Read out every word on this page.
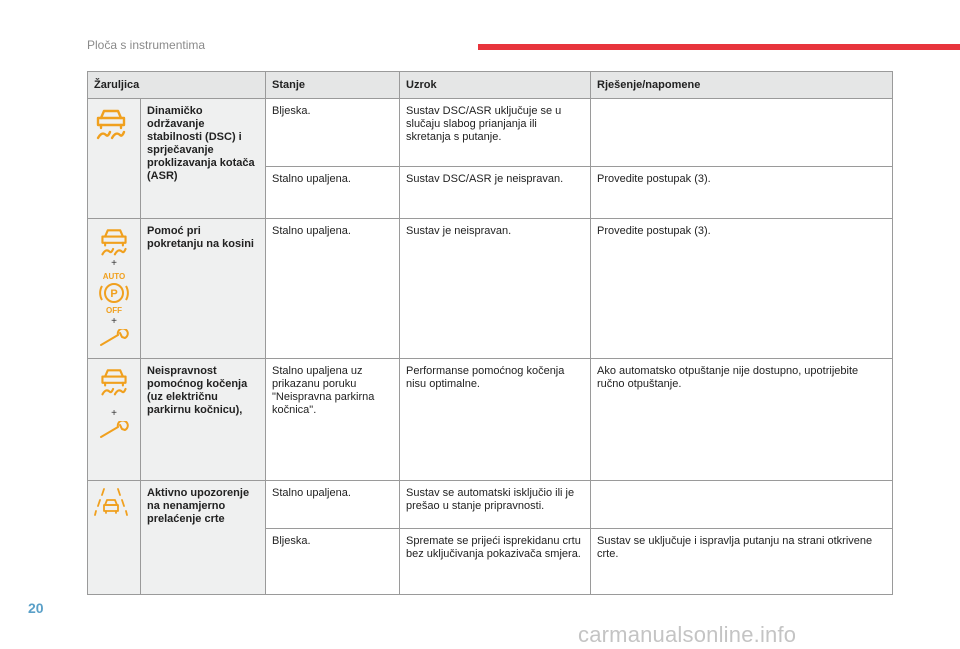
Ploča s instrumentima
Žaruljica		Stanje	Uzrok	Rješenje/napomene
	Dinamičko održavanje stabilnosti (DSC) i sprječavanje proklizavanja kotača (ASR)	Bljeska.	Sustav DSC/ASR uključuje se u slučaju slabog prianjanja ili skretanja s putanje.	
		Stalno upaljena.	Sustav DSC/ASR je neispravan.	Provedite postupak (3).

+
AUTO
P
OFF
+	Pomoć pri pokretanju na kosini	Stalno upaljena.	Sustav je neispravan.	Provedite postupak (3).

+	Neispravnost pomoćnog kočenja (uz električnu parkirnu kočnicu),	Stalno upaljena uz prikazanu poruku "Neispravna parkirna kočnica".	Performanse pomoćnog kočenja nisu optimalne.	Ako automatsko otpuštanje nije dostupno, upotrijebite ručno otpuštanje.
	Aktivno upozorenje na nenamjerno prelaćenje crte	Stalno upaljena.	Sustav se automatski isključio ili je prešao u stanje pripravnosti.	
		Bljeska.	Spremate se prijeći isprekidanu crtu bez uključivanja pokazivača smjera.	Sustav se uključuje i ispravlja putanju na strani otkrivene crte.
20
carmanualsonline.info
